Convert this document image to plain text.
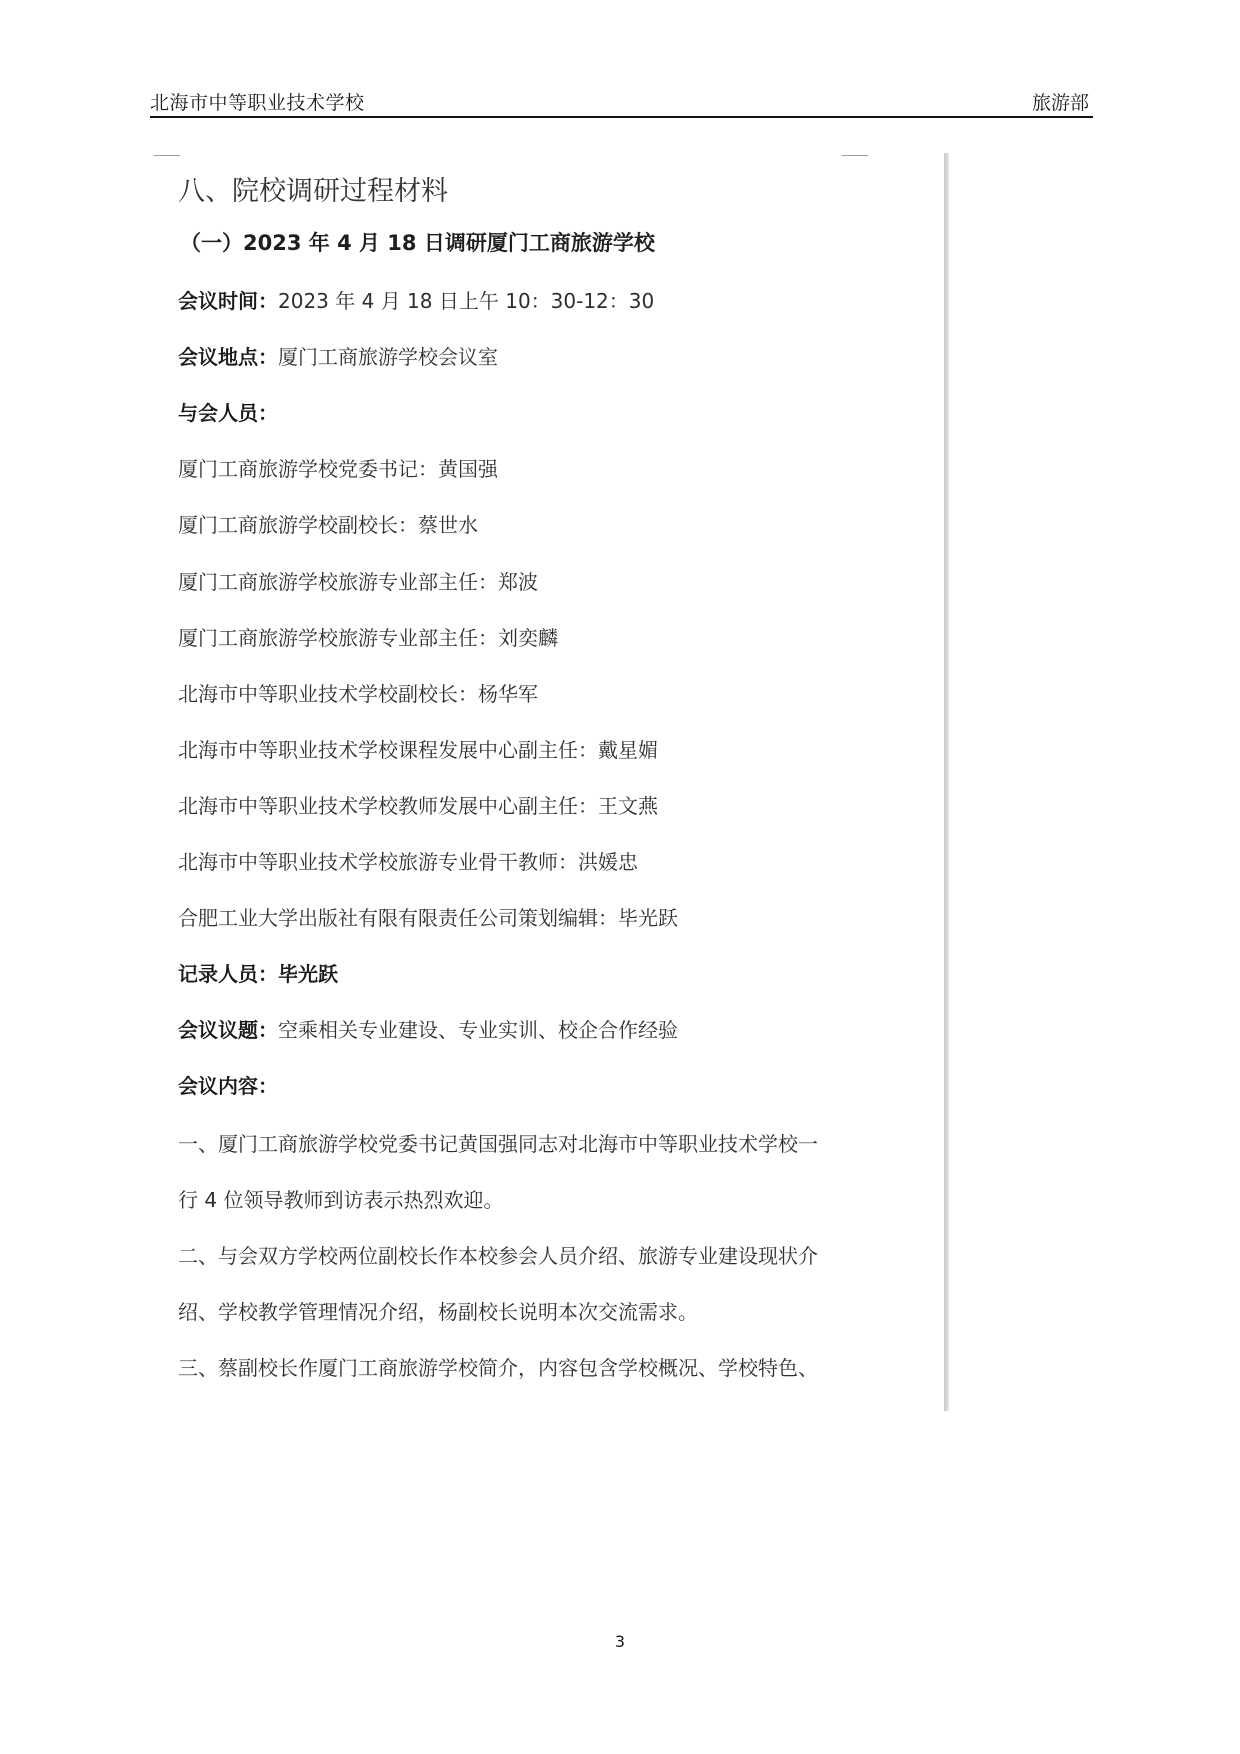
北海市中等职业技术学校	旅游部
八、院校调研过程材料
（一）2023 年 4 月 18 日调研厦门工商旅游学校
会议时间：2023 年 4 月 18 日上午 10：30-12：30
会议地点：厦门工商旅游学校会议室
与会人员：
厦门工商旅游学校党委书记：黄国强
厦门工商旅游学校副校长：蔡世水
厦门工商旅游学校旅游专业部主任：郑波
厦门工商旅游学校旅游专业部主任：刘奕麟
北海市中等职业技术学校副校长：杨华军
北海市中等职业技术学校课程发展中心副主任：戴星媚
北海市中等职业技术学校教师发展中心副主任：王文燕
北海市中等职业技术学校旅游专业骨干教师：洪媛忠
合肥工业大学出版社有限有限责任公司策划编辑：毕光跃
记录人员：毕光跃
会议议题：空乘相关专业建设、专业实训、校企合作经验
会议内容：
一、厦门工商旅游学校党委书记黄国强同志对北海市中等职业技术学校一
行 4 位领导教师到访表示热烈欢迎。
二、与会双方学校两位副校长作本校参会人员介绍、旅游专业建设现状介
绍、学校教学管理情况介绍，杨副校长说明本次交流需求。
三、蔡副校长作厦门工商旅游学校简介，内容包含学校概况、学校特色、
3
